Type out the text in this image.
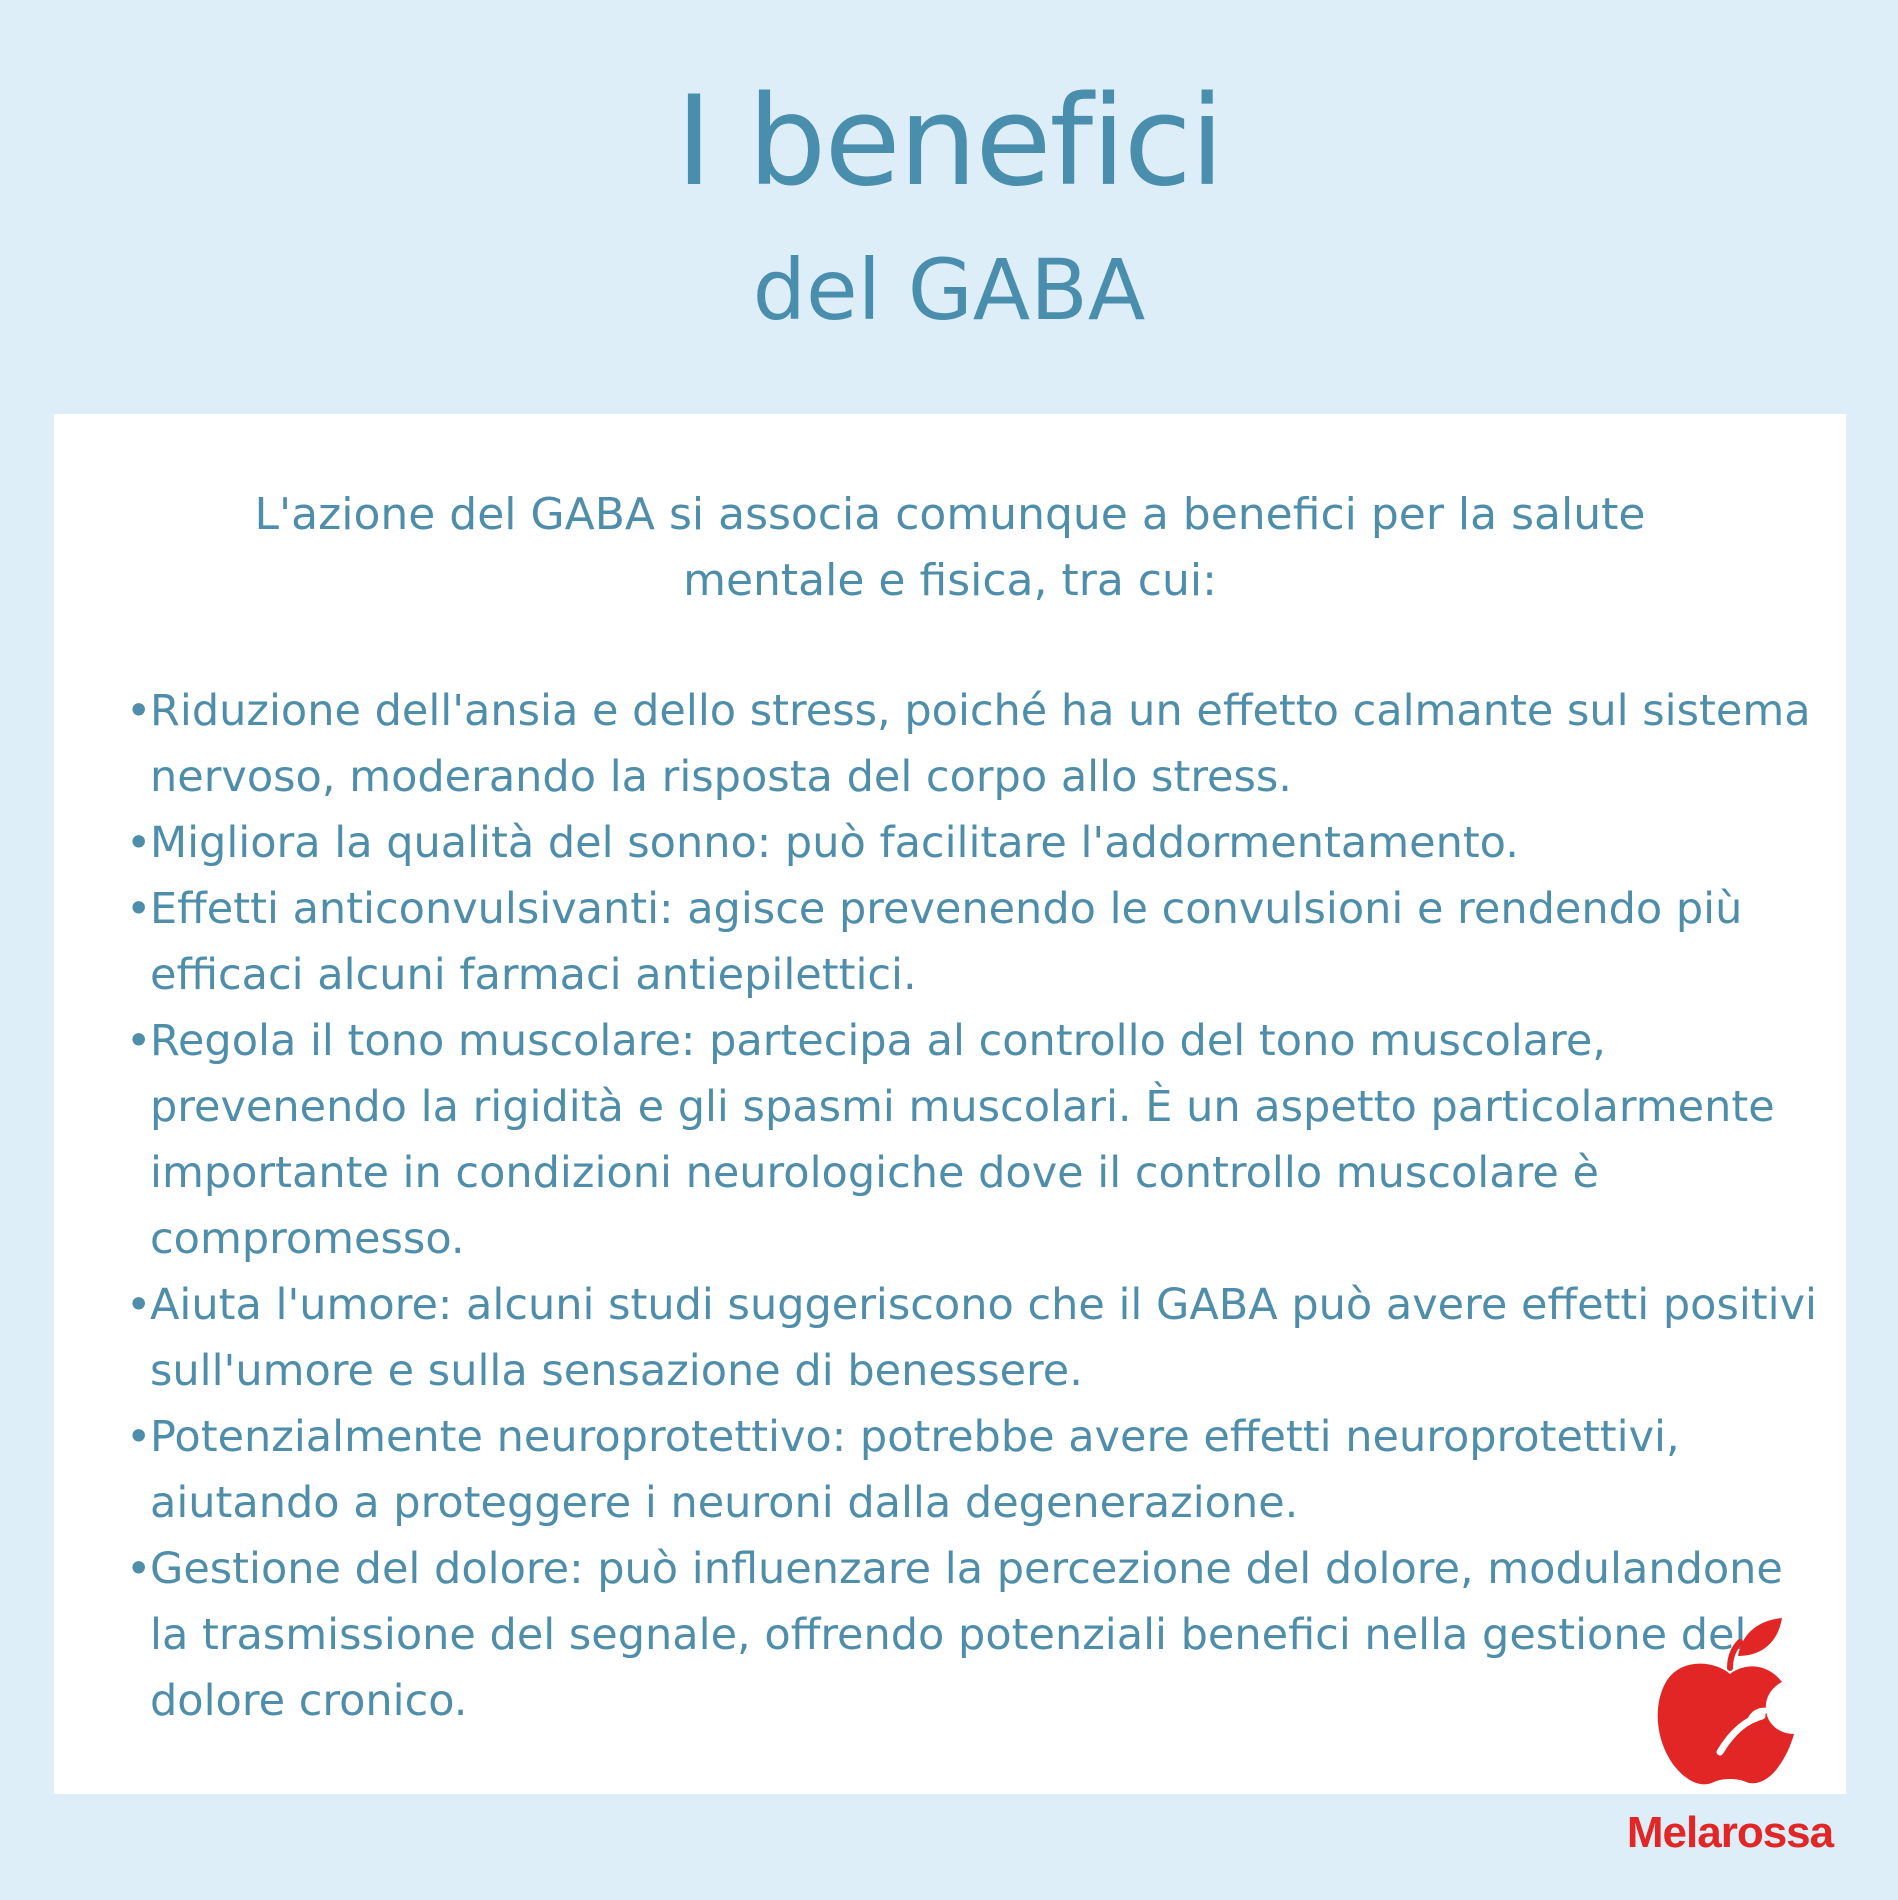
I benefici
del GABA
L'azione del GABA si associa comunque a benefici per la salute mentale e fisica, tra cui:
•
Riduzione dell'ansia e dello stress, poiché ha un effetto calmante sul sistema nervoso, moderando la risposta del corpo allo stress.
•
Migliora la qualità del sonno: può facilitare l'addormentamento.
•
Effetti anticonvulsivanti: agisce prevenendo le convulsioni e rendendo più efficaci alcuni farmaci antiepilettici.
•
Regola il tono muscolare: partecipa al controllo del tono muscolare, prevenendo la rigidità e gli spasmi muscolari. È un aspetto particolarmente importante in condizioni neurologiche dove il controllo muscolare è compromesso.
•
Aiuta l'umore: alcuni studi suggeriscono che il GABA può avere effetti positivi sull'umore e sulla sensazione di benessere.
•
Potenzialmente neuroprotettivo: potrebbe avere effetti neuroprotettivi, aiutando a proteggere i neuroni dalla degenerazione.
•
Gestione del dolore: può influenzare la percezione del dolore, modulandone la trasmissione del segnale, offrendo potenziali benefici nella gestione del dolore cronico.
Melarossa
